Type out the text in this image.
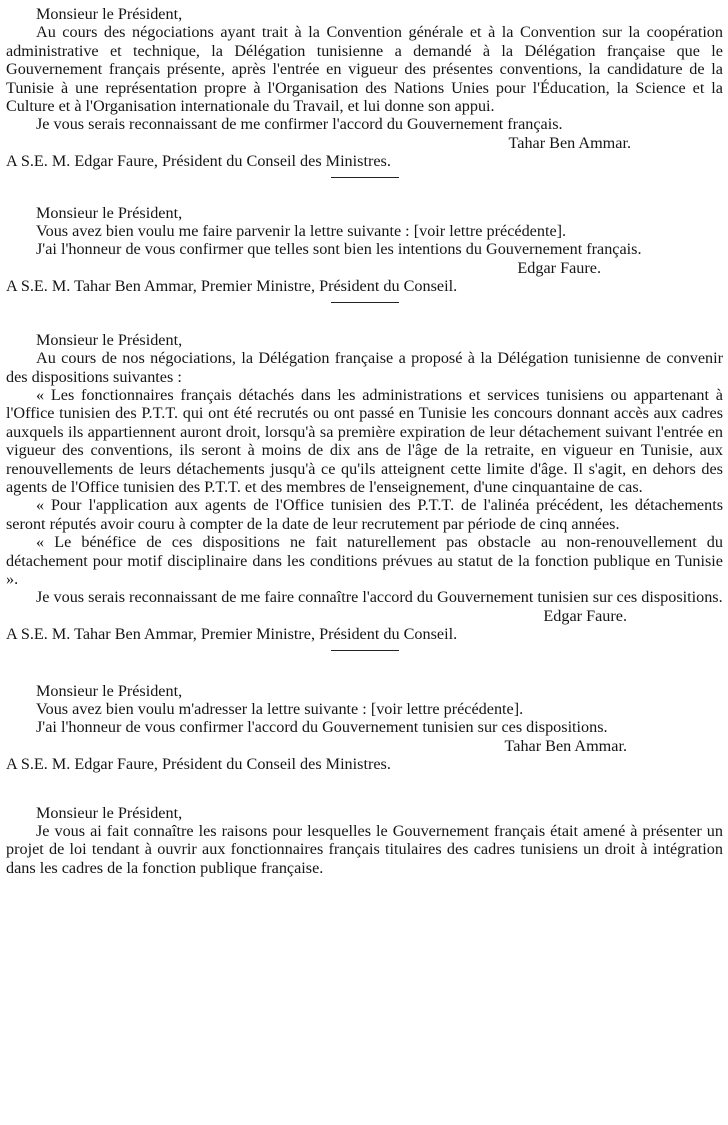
Monsieur le Président,

Au cours des négociations ayant trait à la Convention générale et à la Convention sur la coopération administrative et technique, la Délégation tunisienne a demandé à la Délégation française que le Gouvernement français présente, après l'entrée en vigueur des présentes conventions, la candidature de la Tunisie à une représentation propre à l'Organisation des Nations Unies pour l'Éducation, la Science et la Culture et à l'Organisation internationale du Travail, et lui donne son appui.

Je vous serais reconnaissant de me confirmer l'accord du Gouvernement français.

Tahar Ben Ammar.

A S.E. M. Edgar Faure, Président du Conseil des Ministres.

Monsieur le Président,

Vous avez bien voulu me faire parvenir la lettre suivante : [voir lettre précédente].

J'ai l'honneur de vous confirmer que telles sont bien les intentions du Gouvernement français.

Edgar Faure.

A S.E. M. Tahar Ben Ammar, Premier Ministre, Président du Conseil.

Monsieur le Président,

Au cours de nos négociations, la Délégation française a proposé à la Délégation tunisienne de convenir des dispositions suivantes :

« Les fonctionnaires français détachés dans les administrations et services tunisiens ou appartenant à l'Office tunisien des P.T.T. qui ont été recrutés ou ont passé en Tunisie les concours donnant accès aux cadres auxquels ils appartiennent auront droit, lorsqu'à sa première expiration de leur détachement suivant l'entrée en vigueur des conventions, ils seront à moins de dix ans de l'âge de la retraite, en vigueur en Tunisie, aux renouvellements de leurs détachements jusqu'à ce qu'ils atteignent cette limite d'âge. Il s'agit, en dehors des agents de l'Office tunisien des P.T.T. et des membres de l'enseignement, d'une cinquantaine de cas.

« Pour l'application aux agents de l'Office tunisien des P.T.T. de l'alinéa précédent, les détachements seront réputés avoir couru à compter de la date de leur recrutement par période de cinq années.

« Le bénéfice de ces dispositions ne fait naturellement pas obstacle au non-renouvellement du détachement pour motif disciplinaire dans les conditions prévues au statut de la fonction publique en Tunisie ».

Je vous serais reconnaissant de me faire connaître l'accord du Gouvernement tunisien sur ces dispositions.

Edgar Faure.

A S.E. M. Tahar Ben Ammar, Premier Ministre, Président du Conseil.

Monsieur le Président,

Vous avez bien voulu m'adresser la lettre suivante : [voir lettre précédente].

J'ai l'honneur de vous confirmer l'accord du Gouvernement tunisien sur ces dispositions.

Tahar Ben Ammar.

A S.E. M. Edgar Faure, Président du Conseil des Ministres.

Monsieur le Président,

Je vous ai fait connaître les raisons pour lesquelles le Gouvernement français était amené à présenter un projet de loi tendant à ouvrir aux fonctionnaires français titulaires des cadres tunisiens un droit à intégration dans les cadres de la fonction publique française.
